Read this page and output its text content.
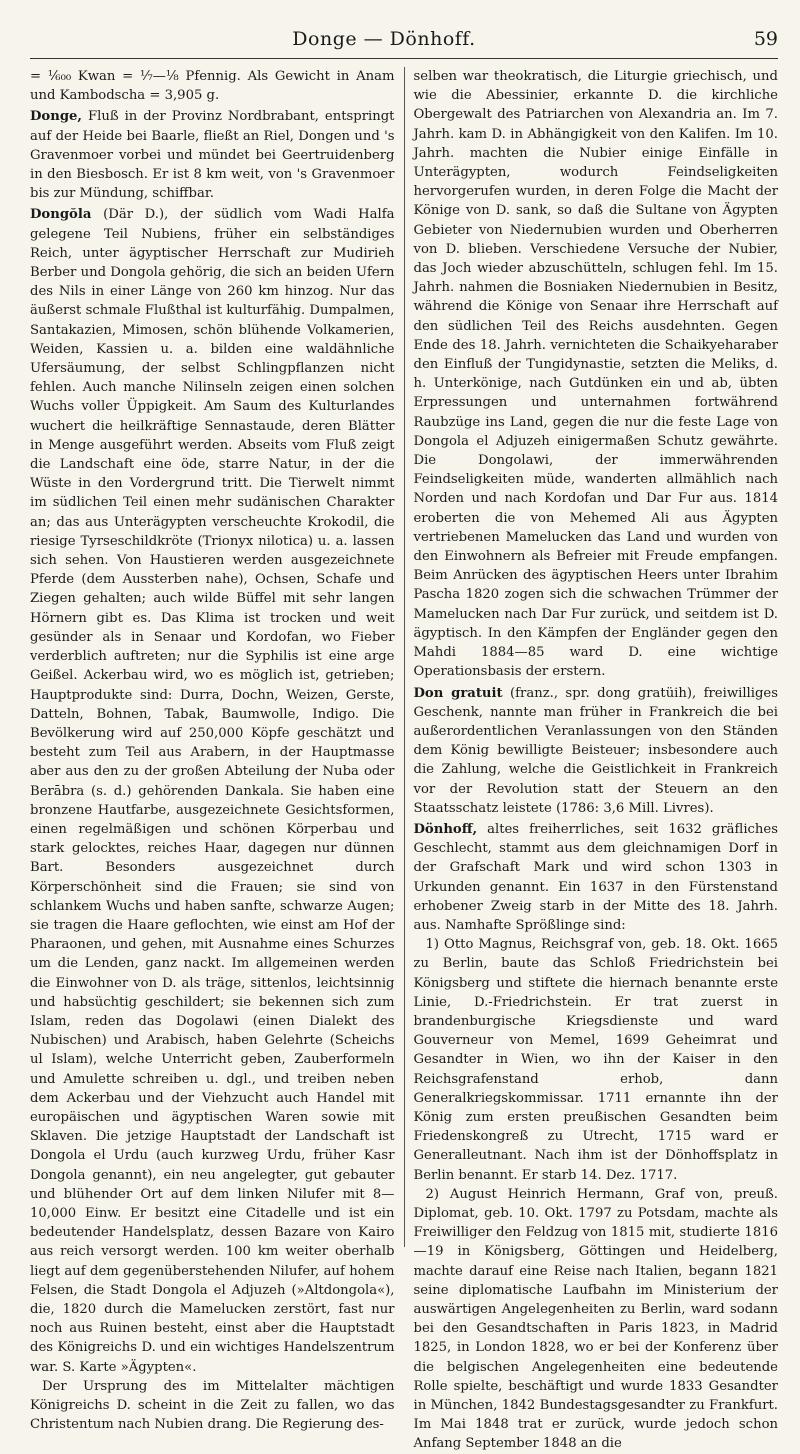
Donge — Dönhoff.	59

= ¹⁄₆₀₀ Kwan = ¹⁄₇—¹⁄₈ Pfennig. Als Gewicht in Anam und Kambodscha = 3,905 g.

Donge, Fluß in der Provinz Nordbrabant, entspringt auf der Heide bei Baarle, fließt an Riel, Dongen und 's Gravenmoer vorbei und mündet bei Geertruidenberg in den Biesbosch. Er ist 8 km weit, von 's Gravenmoer bis zur Mündung, schiffbar.

Dongŏla (Där D.), der südlich vom Wadi Halfa gelegene Teil Nubiens, früher ein selbständiges Reich, unter ägyptischer Herrschaft zur Mudirieh Berber und Dongola gehörig, die sich an beiden Ufern des Nils in einer Länge von 260 km hinzog. Nur das äußerst schmale Flußthal ist kulturfähig. Dumpalmen, Santakazien, Mimosen, schön blühende Volkamerien, Weiden, Kassien u. a. bilden eine waldähnliche Ufersäumung, der selbst Schlingpflanzen nicht fehlen. Auch manche Nilinseln zeigen einen solchen Wuchs voller Üppigkeit. Am Saum des Kulturlandes wuchert die heilkräftige Sennastaude, deren Blätter in Menge ausgeführt werden. Abseits vom Fluß zeigt die Landschaft eine öde, starre Natur, in der die Wüste in den Vordergrund tritt. Die Tierwelt nimmt im südlichen Teil einen mehr sudänischen Charakter an; das aus Unterägypten verscheuchte Krokodil, die riesige Tyrseschildkröte (Trionyx nilotica) u. a. lassen sich sehen. Von Haustieren werden ausgezeichnete Pferde (dem Aussterben nahe), Ochsen, Schafe und Ziegen gehalten; auch wilde Büffel mit sehr langen Hörnern gibt es. Das Klima ist trocken und weit gesünder als in Senaar und Kordofan, wo Fieber verderblich auftreten; nur die Syphilis ist eine arge Geißel. Ackerbau wird, wo es möglich ist, getrieben; Hauptprodukte sind: Durra, Dochn, Weizen, Gerste, Datteln, Bohnen, Tabak, Baumwolle, Indigo. Die Bevölkerung wird auf 250,000 Köpfe geschätzt und besteht zum Teil aus Arabern, in der Hauptmasse aber aus den zu der großen Abteilung der Nuba oder Berābra (s. d.) gehörenden Dankala. Sie haben eine bronzene Hautfarbe, ausgezeichnete Gesichtsformen, einen regelmäßigen und schönen Körperbau und stark gelocktes, reiches Haar, dagegen nur dünnen Bart. Besonders ausgezeichnet durch Körperschönheit sind die Frauen; sie sind von schlankem Wuchs und haben sanfte, schwarze Augen; sie tragen die Haare geflochten, wie einst am Hof der Pharaonen, und gehen, mit Ausnahme eines Schurzes um die Lenden, ganz nackt. Im allgemeinen werden die Einwohner von D. als träge, sittenlos, leichtsinnig und habsüchtig geschildert; sie bekennen sich zum Islam, reden das Dogolawi (einen Dialekt des Nubischen) und Arabisch, haben Gelehrte (Scheichs ul Islam), welche Unterricht geben, Zauberformeln und Amulette schreiben u. dgl., und treiben neben dem Ackerbau und der Viehzucht auch Handel mit europäischen und ägyptischen Waren sowie mit Sklaven. Die jetzige Hauptstadt der Landschaft ist Dongola el Urdu (auch kurzweg Urdu, früher Kasr Dongola genannt), ein neu angelegter, gut gebauter und blühender Ort auf dem linken Nilufer mit 8—10,000 Einw. Er besitzt eine Citadelle und ist ein bedeutender Handelsplatz, dessen Bazare von Kairo aus reich versorgt werden. 100 km weiter oberhalb liegt auf dem gegenüberstehenden Nilufer, auf hohem Felsen, die Stadt Dongola el Adjuzeh (»Altdongola«), die, 1820 durch die Mamelucken zerstört, fast nur noch aus Ruinen besteht, einst aber die Hauptstadt des Königreichs D. und ein wichtiges Handelszentrum war. S. Karte »Ägypten«.

Der Ursprung des im Mittelalter mächtigen Königreichs D. scheint in die Zeit zu fallen, wo das Christentum nach Nubien drang. Die Regierung des-

selben war theokratisch, die Liturgie griechisch, und wie die Abessinier, erkannte D. die kirchliche Obergewalt des Patriarchen von Alexandria an. Im 7. Jahrh. kam D. in Abhängigkeit von den Kalifen. Im 10. Jahrh. machten die Nubier einige Einfälle in Unterägypten, wodurch Feindseligkeiten hervorgerufen wurden, in deren Folge die Macht der Könige von D. sank, so daß die Sultane von Ägypten Gebieter von Niedernubien wurden und Oberherren von D. blieben. Verschiedene Versuche der Nubier, das Joch wieder abzuschütteln, schlugen fehl. Im 15. Jahrh. nahmen die Bosniaken Niedernubien in Besitz, während die Könige von Senaar ihre Herrschaft auf den südlichen Teil des Reichs ausdehnten. Gegen Ende des 18. Jahrh. vernichteten die Schaikyeharaber den Einfluß der Tungidynastie, setzten die Meliks, d. h. Unterkönige, nach Gutdünken ein und ab, übten Erpressungen und unternahmen fortwährend Raubzüge ins Land, gegen die nur die feste Lage von Dongola el Adjuzeh einigermaßen Schutz gewährte. Die Dongolawi, der immerwährenden Feindseligkeiten müde, wanderten allmählich nach Norden und nach Kordofan und Dar Fur aus. 1814 eroberten die von Mehemed Ali aus Ägypten vertriebenen Mamelucken das Land und wurden von den Einwohnern als Befreier mit Freude empfangen. Beim Anrücken des ägyptischen Heers unter Ibrahim Pascha 1820 zogen sich die schwachen Trümmer der Mamelucken nach Dar Fur zurück, und seitdem ist D. ägyptisch. In den Kämpfen der Engländer gegen den Mahdi 1884—85 ward D. eine wichtige Operationsbasis der erstern.

Don gratuit (franz., spr. dong gratüih), freiwilliges Geschenk, nannte man früher in Frankreich die bei außerordentlichen Veranlassungen von den Ständen dem König bewilligte Beisteuer; insbesondere auch die Zahlung, welche die Geistlichkeit in Frankreich vor der Revolution statt der Steuern an den Staatsschatz leistete (1786: 3,6 Mill. Livres).

Dönhoff, altes freiherrliches, seit 1632 gräfliches Geschlecht, stammt aus dem gleichnamigen Dorf in der Grafschaft Mark und wird schon 1303 in Urkunden genannt. Ein 1637 in den Fürstenstand erhobener Zweig starb in der Mitte des 18. Jahrh. aus. Namhafte Sprößlinge sind:

1) Otto Magnus, Reichsgraf von, geb. 18. Okt. 1665 zu Berlin, baute das Schloß Friedrichstein bei Königsberg und stiftete die hiernach benannte erste Linie, D.-Friedrichstein. Er trat zuerst in brandenburgische Kriegsdienste und ward Gouverneur von Memel, 1699 Geheimrat und Gesandter in Wien, wo ihn der Kaiser in den Reichsgrafenstand erhob, dann Generalkriegskommissar. 1711 ernannte ihn der König zum ersten preußischen Gesandten beim Friedenskongreß zu Utrecht, 1715 ward er Generalleutnant. Nach ihm ist der Dönhoffsplatz in Berlin benannt. Er starb 14. Dez. 1717.

2) August Heinrich Hermann, Graf von, preuß. Diplomat, geb. 10. Okt. 1797 zu Potsdam, machte als Freiwilliger den Feldzug von 1815 mit, studierte 1816—19 in Königsberg, Göttingen und Heidelberg, machte darauf eine Reise nach Italien, begann 1821 seine diplomatische Laufbahn im Ministerium der auswärtigen Angelegenheiten zu Berlin, ward sodann bei den Gesandtschaften in Paris 1823, in Madrid 1825, in London 1828, wo er bei der Konferenz über die belgischen Angelegenheiten eine bedeutende Rolle spielte, beschäftigt und wurde 1833 Gesandter in München, 1842 Bundestagsgesandter zu Frankfurt. Im Mai 1848 trat er zurück, wurde jedoch schon Anfang September 1848 an die
